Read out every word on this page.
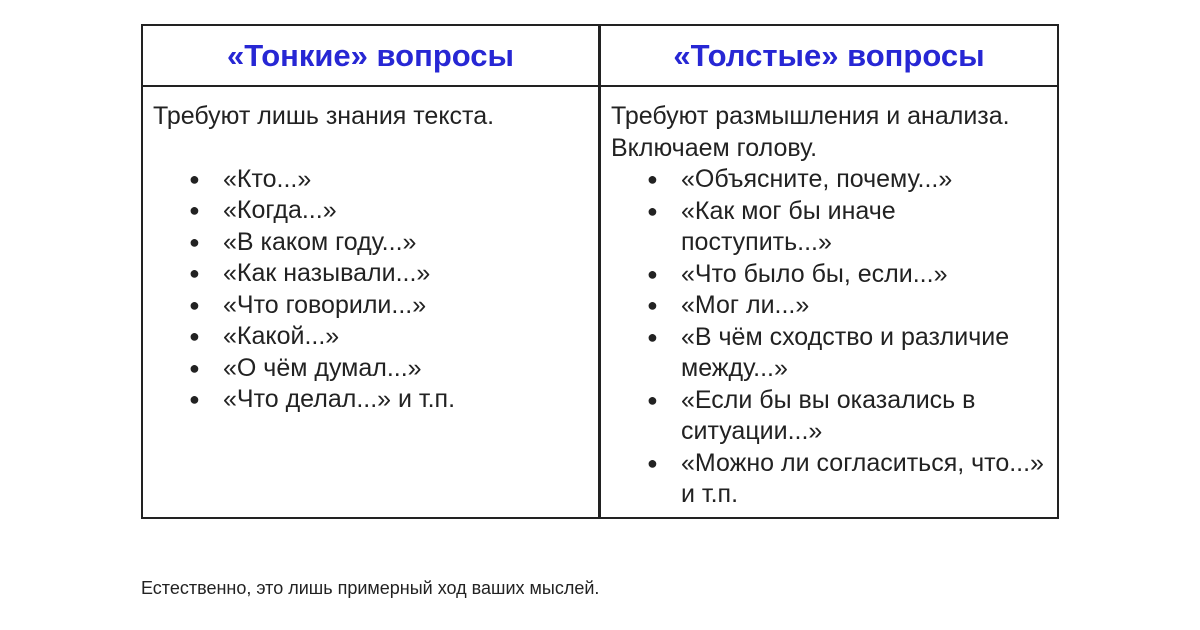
«Тонкие» вопросы	«Толстые» вопросы

Требуют лишь знания текста.

● «Кто...»
● «Когда...»
● «В каком году...»
● «Как называли...»
● «Что говорили...»
● «Какой...»
● «О чём думал...»
● «Что делал...» и т.п.

Требуют размышления и анализа. Включаем голову.

● «Объясните, почему...»
● «Как мог бы иначе поступить...»
● «Что было бы, если...»
● «Мог ли...»
● «В чём сходство и различие между...»
● «Если бы вы оказались в ситуации...»
● «Можно ли согласиться, что...» и т.п.

Естественно, это лишь примерный ход ваших мыслей.
